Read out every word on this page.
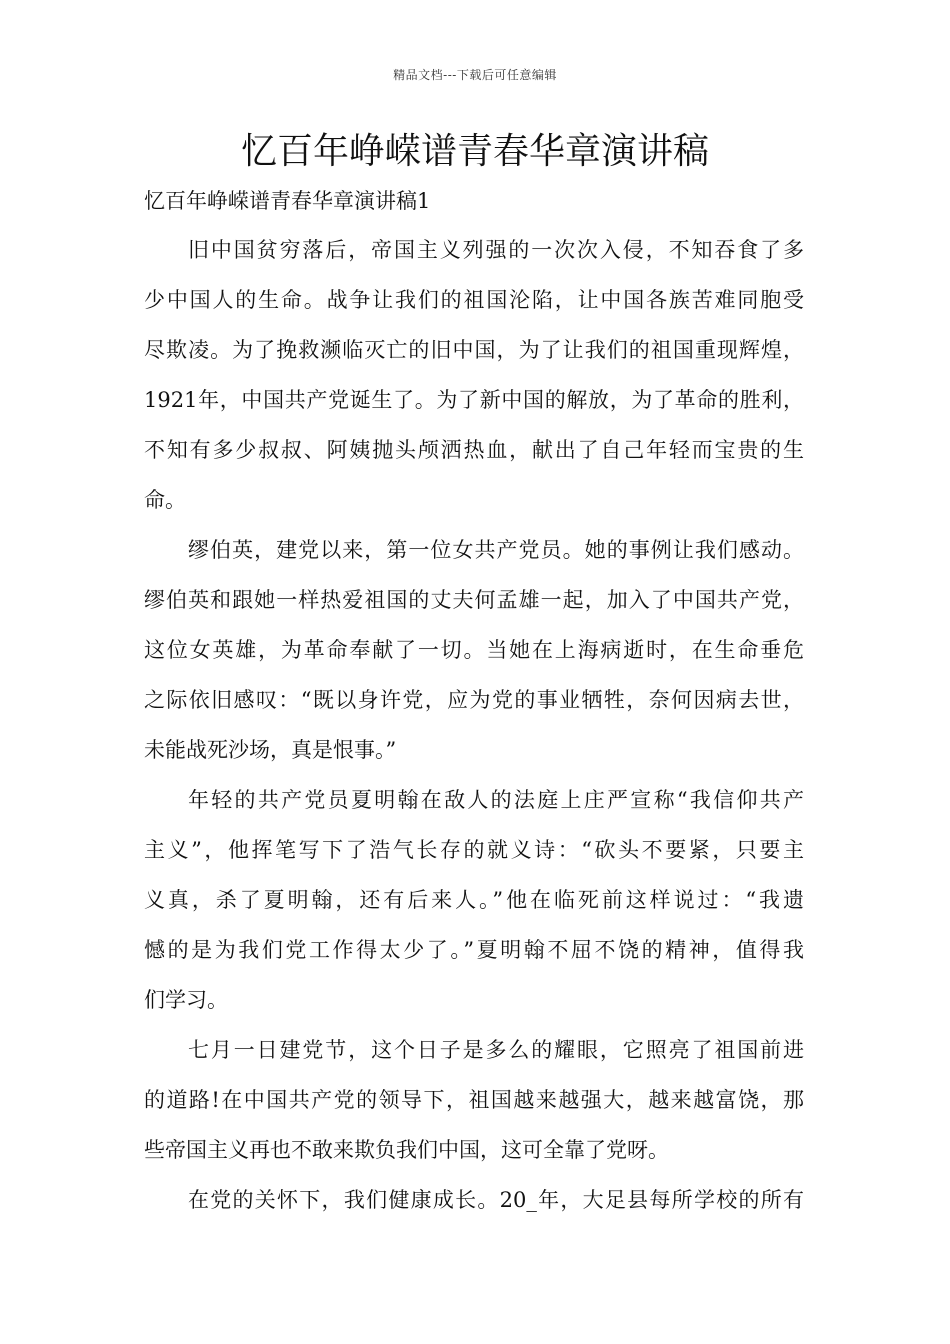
精品文档---下载后可任意编辑
忆百年峥嵘谱青春华章演讲稿

忆百年峥嵘谱青春华章演讲稿1

旧中国贫穷落后，帝国主义列强的一次次入侵，不知吞食了多
少中国人的生命。战争让我们的祖国沦陷，让中国各族苦难同胞受
尽欺凌。为了挽救濒临灭亡的旧中国，为了让我们的祖国重现辉煌，
1921年，中国共产党诞生了。为了新中国的解放，为了革命的胜利，
不知有多少叔叔、阿姨抛头颅洒热血，献出了自己年轻而宝贵的生
命。
缪伯英，建党以来，第一位女共产党员。她的事例让我们感动。
缪伯英和跟她一样热爱祖国的丈夫何孟雄一起，加入了中国共产党，
这位女英雄，为革命奉献了一切。当她在上海病逝时，在生命垂危
之际依旧感叹：“既以身许党，应为党的事业牺牲，奈何因病去世，
未能战死沙场，真是恨事。”
年轻的共产党员夏明翰在敌人的法庭上庄严宣称“我信仰共产
主义”，他挥笔写下了浩气长存的就义诗：“砍头不要紧，只要主
义真，杀了夏明翰，还有后来人。”他在临死前这样说过：“我遗
憾的是为我们党工作得太少了。”夏明翰不屈不饶的精神，值得我
们学习。
七月一日建党节，这个日子是多么的耀眼，它照亮了祖国前进
的道路!在中国共产党的领导下，祖国越来越强大，越来越富饶，那
些帝国主义再也不敢来欺负我们中国，这可全靠了党呀。
在党的关怀下，我们健康成长。20_年，大足县每所学校的所有
